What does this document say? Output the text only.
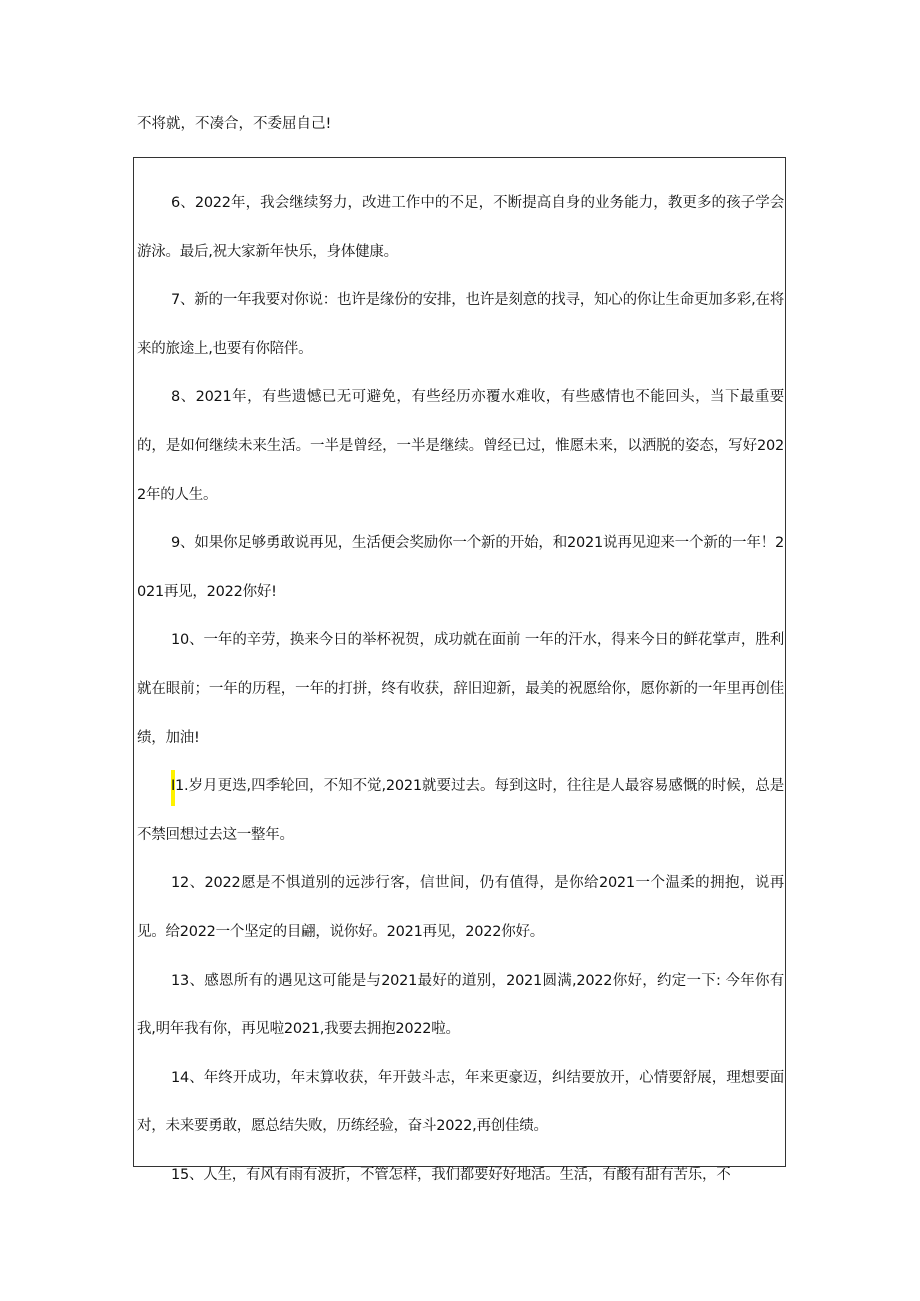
不将就，不凑合，不委屈自己!

6、2022年，我会继续努力，改进工作中的不足，不断提高自身的业务能力，教更多的孩子学会游泳。最后,祝大家新年快乐，身体健康。

7、新的一年我要对你说：也许是缘份的安排，也许是刻意的找寻，知心的你让生命更加多彩,在将来的旅途上,也要有你陪伴。

8、2021年，有些遗憾已无可避免，有些经历亦覆水难收，有些感情也不能回头，当下最重要的，是如何继续未来生活。一半是曾经，一半是继续。曾经已过，惟愿未来，以洒脱的姿态，写好2022年的人生。

9、如果你足够勇敢说再见，生活便会奖励你一个新的开始，和2021说再见迎来一个新的一年！2021再见，2022你好!

10、一年的辛劳，换来今日的举杯祝贺，成功就在面前 一年的汗水，得来今日的鲜花掌声，胜利就在眼前；一年的历程，一年的打拼，终有收获，辞旧迎新，最美的祝愿给你，愿你新的一年里再创佳绩，加油!

I1.岁月更迭,四季轮回，不知不觉,2021就要过去。每到这时，往往是人最容易感慨的时候，总是不禁回想过去这一整年。

12、2022愿是不惧道别的远涉行客，信世间，仍有值得，是你给2021一个温柔的拥抱，说再见。给2022一个坚定的目翩，说你好。2021再见，2022你好。

13、感恩所有的遇见这可能是与2021最好的道别，2021圆满,2022你好，约定一下: 今年你有我,明年我有你，再见啦2021,我要去拥抱2022啦。

14、年终开成功，年末算收获，年开鼓斗志，年来更豪迈，纠结要放开，心情要舒展，理想要面对，未来要勇敢，愿总结失败，历练经验，奋斗2022,再创佳绩。

15、人生，有风有雨有波折，不管怎样，我们都要好好地活。生活，有酸有甜有苦乐，不
